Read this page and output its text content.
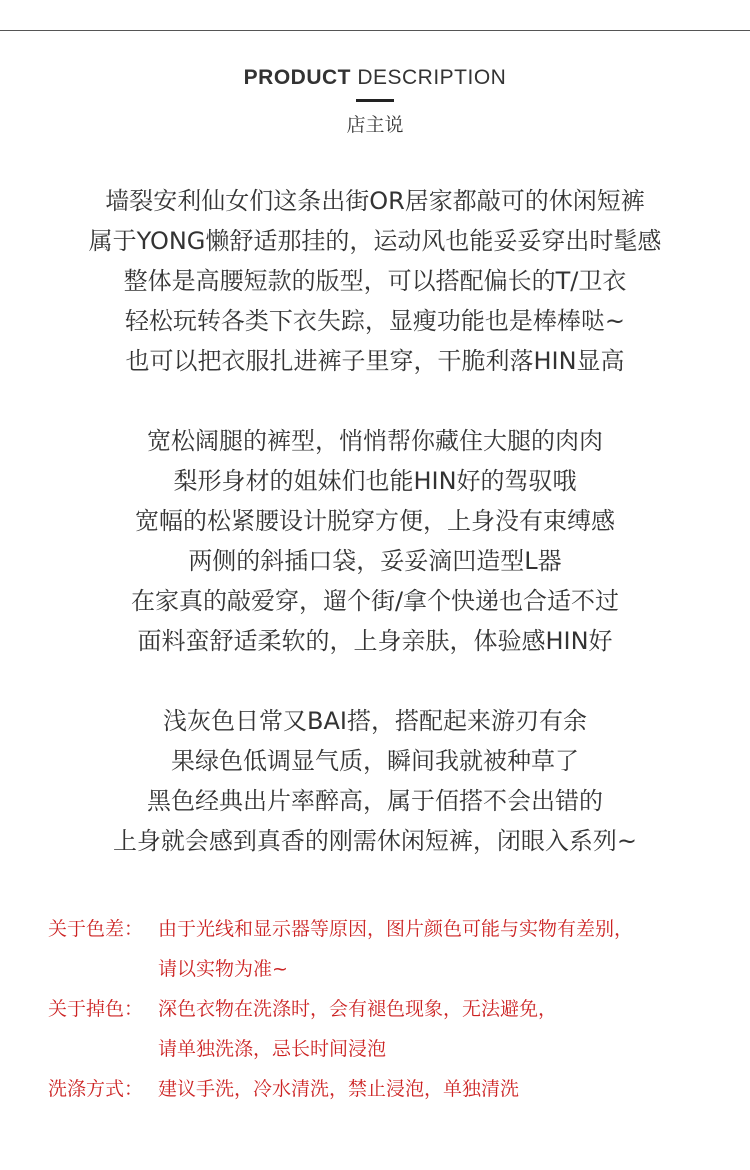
PRODUCT DESCRIPTION
店主说
墙裂安利仙女们这条出街OR居家都敲可的休闲短裤
属于YONG懒舒适那挂的，运动风也能妥妥穿出时髦感
整体是高腰短款的版型，可以搭配偏长的T/卫衣
轻松玩转各类下衣失踪，显瘦功能也是棒棒哒~
也可以把衣服扎进裤子里穿，干脆利落HIN显高
宽松阔腿的裤型，悄悄帮你藏住大腿的肉肉
梨形身材的姐妹们也能HIN好的驾驭哦
宽幅的松紧腰设计脱穿方便，上身没有束缚感
两侧的斜插口袋，妥妥滴凹造型L器
在家真的敲爱穿，遛个街/拿个快递也合适不过
面料蛮舒适柔软的，上身亲肤，体验感HIN好
浅灰色日常又BAI搭，搭配起来游刃有余
果绿色低调显气质，瞬间我就被种草了
黑色经典出片率醉高，属于佰搭不会出错的
上身就会感到真香的刚需休闲短裤，闭眼入系列~
关于色差： 由于光线和显示器等原因，图片颜色可能与实物有差别，
请以实物为准~
关于掉色： 深色衣物在洗涤时，会有褪色现象，无法避免，
请单独洗涤，忌长时间浸泡
洗涤方式： 建议手洗，冷水清洗，禁止浸泡，单独清洗
